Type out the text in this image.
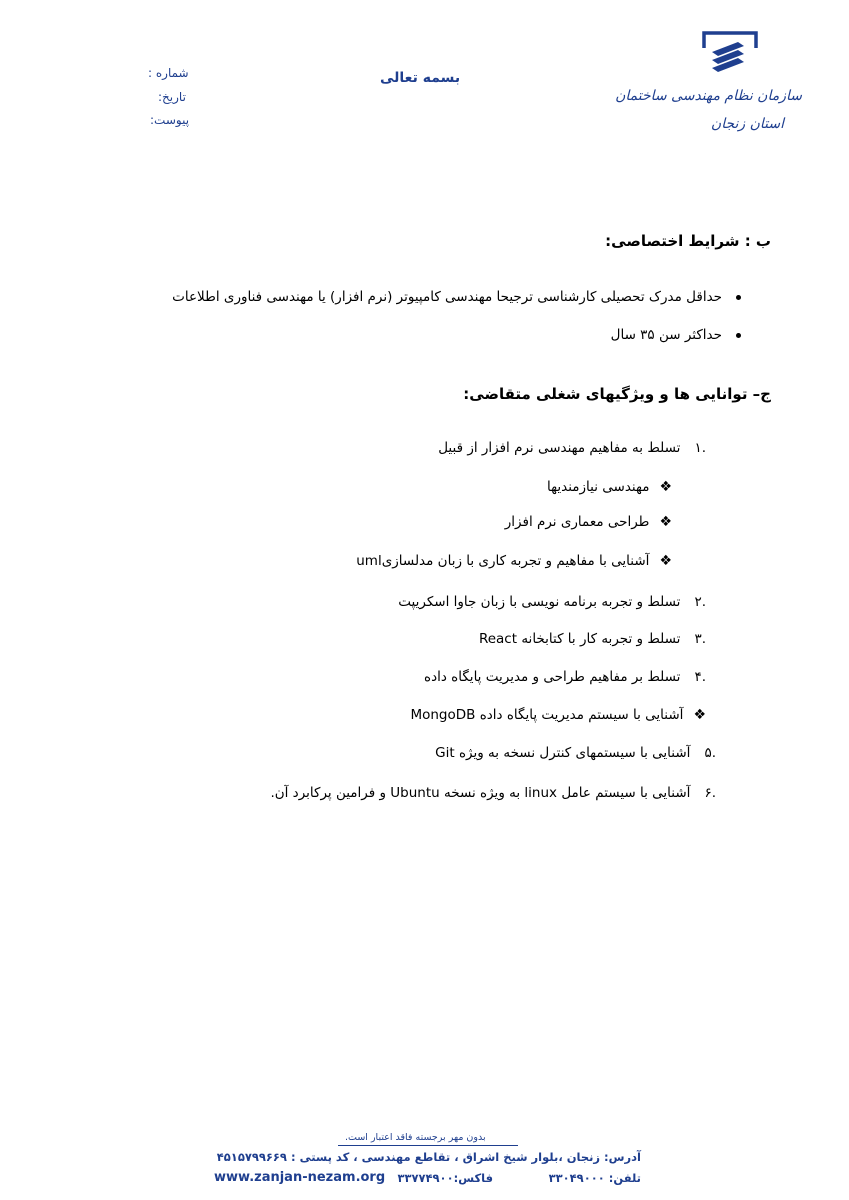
سازمان نظام مهندسی ساختمان
استان زنجان
بسمه تعالی
شماره :
تاریخ:
پیوست:
ب : شرایط اختصاصی:
حداقل مدرک تحصیلی کارشناسی ترجیحا مهندسی کامپیوتر (نرم افزار) یا مهندسی فناوری اطلاعات
حداکثر سن ۳۵ سال
ج– توانایی ها و ویژگیهای شغلی متقاضی:
.۱تسلط به مفاهیم مهندسی نرم افزار از قبیل
❖مهندسی نیازمندیها
❖طراحی معماری نرم افزار
❖آشنایی با مفاهیم و تجربه کاری با زبان مدلسازیuml
.۲تسلط و تجربه برنامه نویسی با زبان جاوا اسکریپت
.۳تسلط و تجربه کار با کتابخانه React
.۴تسلط بر مفاهیم طراحی و مدیریت پایگاه داده
❖آشنایی با سیستم مدیریت پایگاه داده MongoDB
.۵آشنایی با سیستمهای کنترل نسخه به ویژه Git
.۶آشنایی با سیستم عامل linux به ویژه نسخه Ubuntu و فرامین پرکابرد آن.
بدون مهر برجسته فاقد اعتبار است.
آدرس: زنجان ،بلوار شیخ اشراق ، تقاطع مهندسی ، کد پستی : ۴۵۱۵۷۹۹۶۶۹
تلفن: ۳۳۰۴۹۰۰۰
فاکس:۳۳۷۷۴۹۰۰
www.zanjan-nezam.org
